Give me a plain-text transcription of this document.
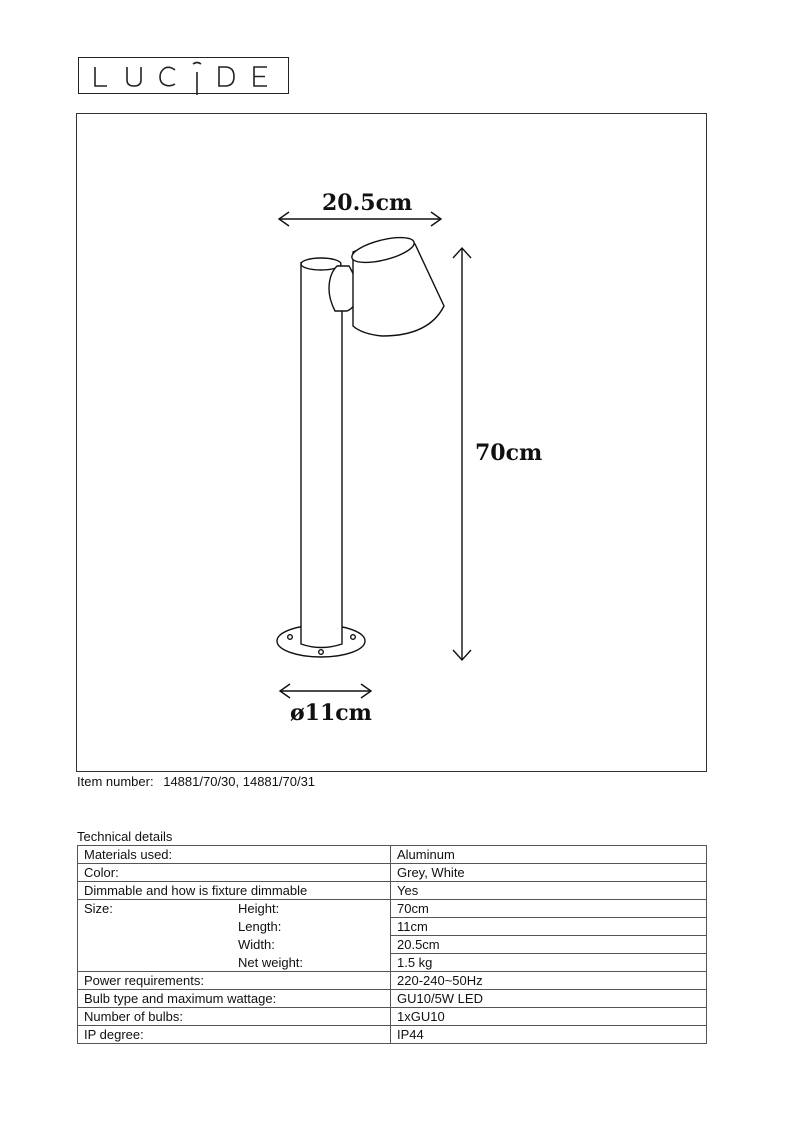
20.5cm
70cm
ø11cm
Item number: 14881/70/30, 14881/70/31
Technical details
Materials used:	Aluminum
Color:	Grey, White
Dimmable and how is fixture dimmable	Yes
Size: Height:	70cm

Length:	11cm

Width:	20.5cm

Net weight:	1.5 kg
Power requirements:	220-240~50Hz
Bulb type and maximum wattage:	GU10/5W LED
Number of bulbs:	1xGU10
IP degree:	IP44
